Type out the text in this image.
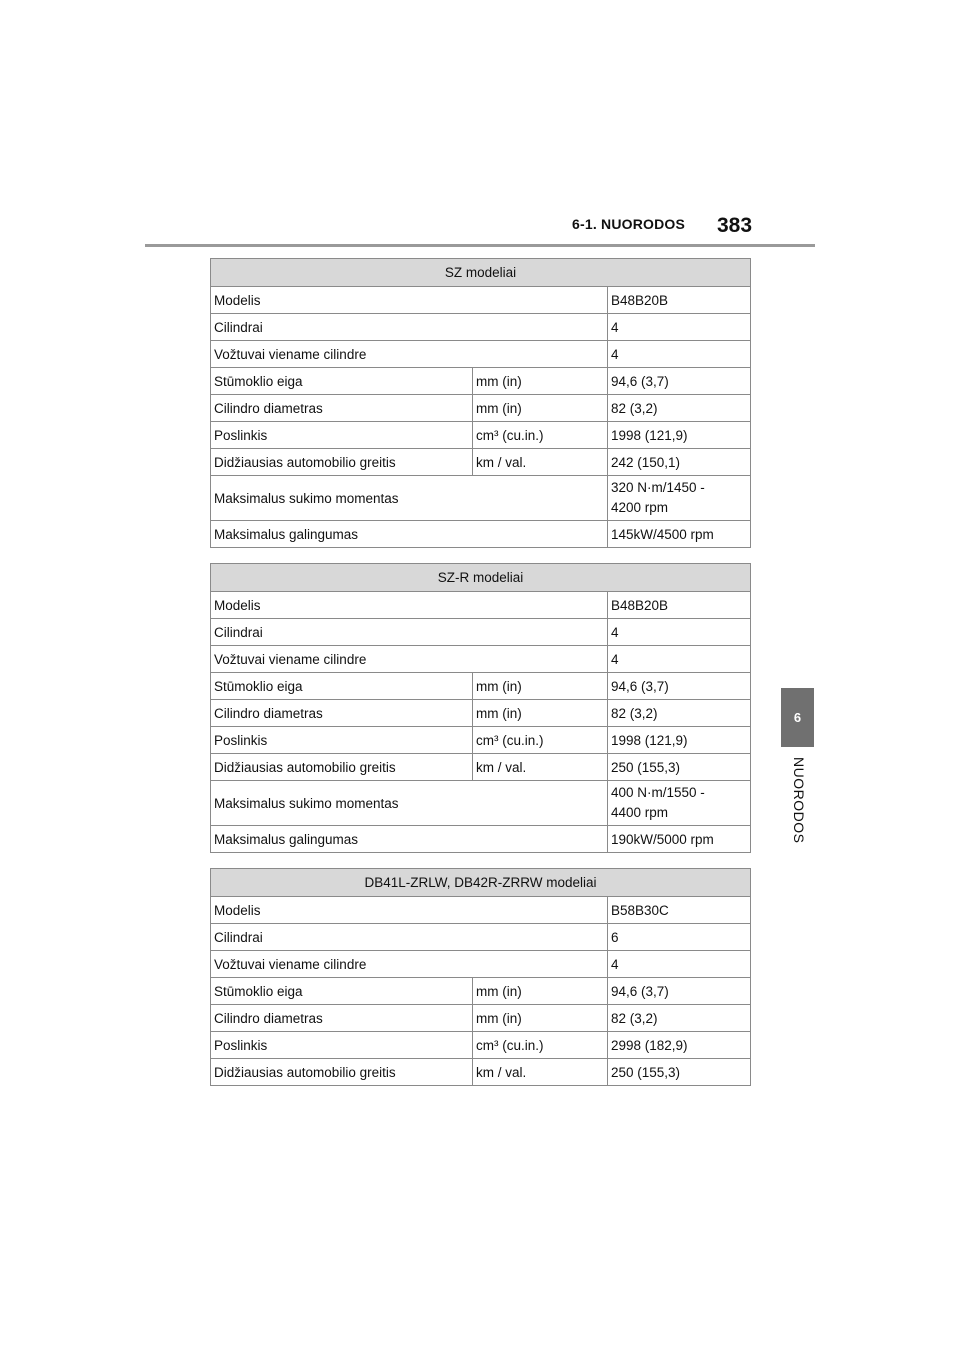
6-1. NUORODOS 383
6
NUORODOS
SZ modeliai		
Modelis		B48B20B
Cilindrai		4
Vožtuvai viename cilindre		4
Stūmoklio eiga	mm (in)	94,6 (3,7)
Cilindro diametras	mm (in)	82 (3,2)
Poslinkis	cm³ (cu.in.)	1998 (121,9)
Didžiausias automobilio greitis	km / val.	242 (150,1)
Maksimalus sukimo momentas		320 N·m/1450 -
4200 rpm
Maksimalus galingumas		145kW/4500 rpm
SZ-R modeliai		
Modelis		B48B20B
Cilindrai		4
Vožtuvai viename cilindre		4
Stūmoklio eiga	mm (in)	94,6 (3,7)
Cilindro diametras	mm (in)	82 (3,2)
Poslinkis	cm³ (cu.in.)	1998 (121,9)
Didžiausias automobilio greitis	km / val.	250 (155,3)
Maksimalus sukimo momentas		400 N·m/1550 -
4400 rpm
Maksimalus galingumas		190kW/5000 rpm
DB41L-ZRLW, DB42R-ZRRW modeliai		
Modelis		B58B30C
Cilindrai		6
Vožtuvai viename cilindre		4
Stūmoklio eiga	mm (in)	94,6 (3,7)
Cilindro diametras	mm (in)	82 (3,2)
Poslinkis	cm³ (cu.in.)	2998 (182,9)
Didžiausias automobilio greitis	km / val.	250 (155,3)
